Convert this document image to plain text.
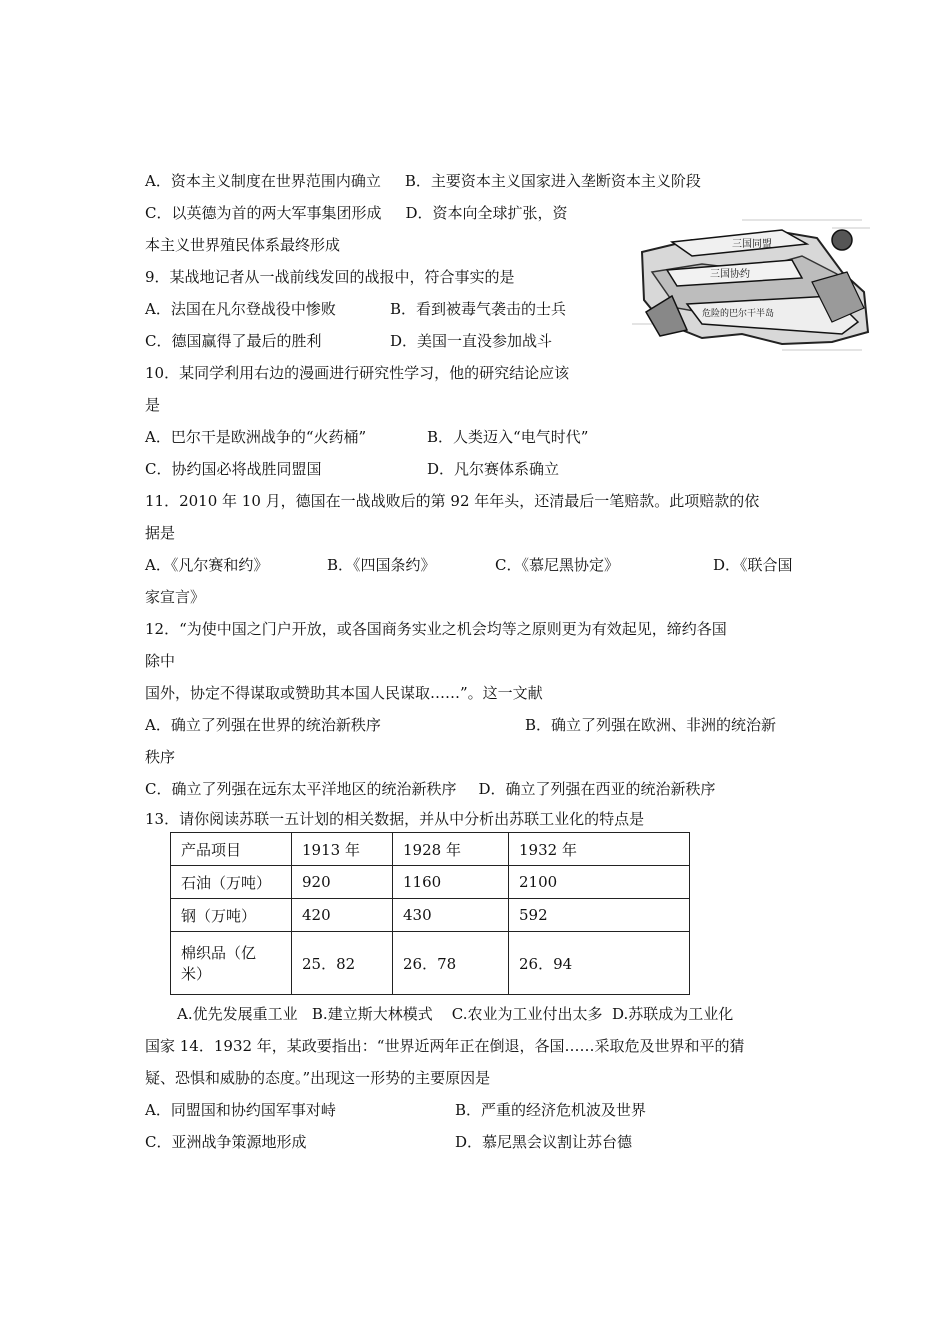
A．资本主义制度在世界范围内确立 B．主要资本主义国家进入垄断资本主义阶段
C．以英德为首的两大军事集团形成 D．资本向全球扩张，资
本主义世界殖民体系最终形成
9．某战地记者从一战前线发回的战报中，符合事实的是
A．法国在凡尔登战役中惨败	B．看到被毒气袭击的士兵
C．德国赢得了最后的胜利	D．美国一直没参加战斗
10．某同学利用右边的漫画进行研究性学习，他的研究结论应该
是
A．巴尔干是欧洲战争的“火药桶”	B．人类迈入“电气时代”
C．协约国必将战胜同盟国	D．凡尔赛体系确立
三国同盟
三国协约
危险的巴尔干半岛
11．2010 年 10 月，德国在一战战败后的第 92 年年头，还清最后一笔赔款。此项赔款的依
据是
A．《凡尔赛和约》	B．《四国条约》	C．《慕尼黑协定》	D．《联合国
家宣言》
12．“为使中国之门户开放，或各国商务实业之机会均等之原则更为有效起见，缔约各国
除中
国外，协定不得谋取或赞助其本国人民谋取……”。这一文献
A．确立了列强在世界的统治新秩序	B．确立了列强在欧洲、非洲的统治新
秩序
C．确立了列强在远东太平洋地区的统治新秩序 D．确立了列强在西亚的统治新秩序
13．请你阅读苏联一五计划的相关数据，并从中分析出苏联工业化的特点是
产品项目	1913 年	1928 年	1932 年
石油（万吨）	920	1160	2100
钢（万吨）	420	430	592
棉织品（亿
米）	25．82	26．78	26．94
A.优先发展重工业   B.建立斯大林模式    C.农业为工业付出太多  D.苏联成为工业化
国家 14．1932 年，某政要指出：“世界近两年正在倒退，各国……采取危及世界和平的猜
疑、恐惧和威胁的态度。”出现这一形势的主要原因是
A．同盟国和协约国军事对峙	B．严重的经济危机波及世界
C．亚洲战争策源地形成	D．慕尼黑会议割让苏台德
